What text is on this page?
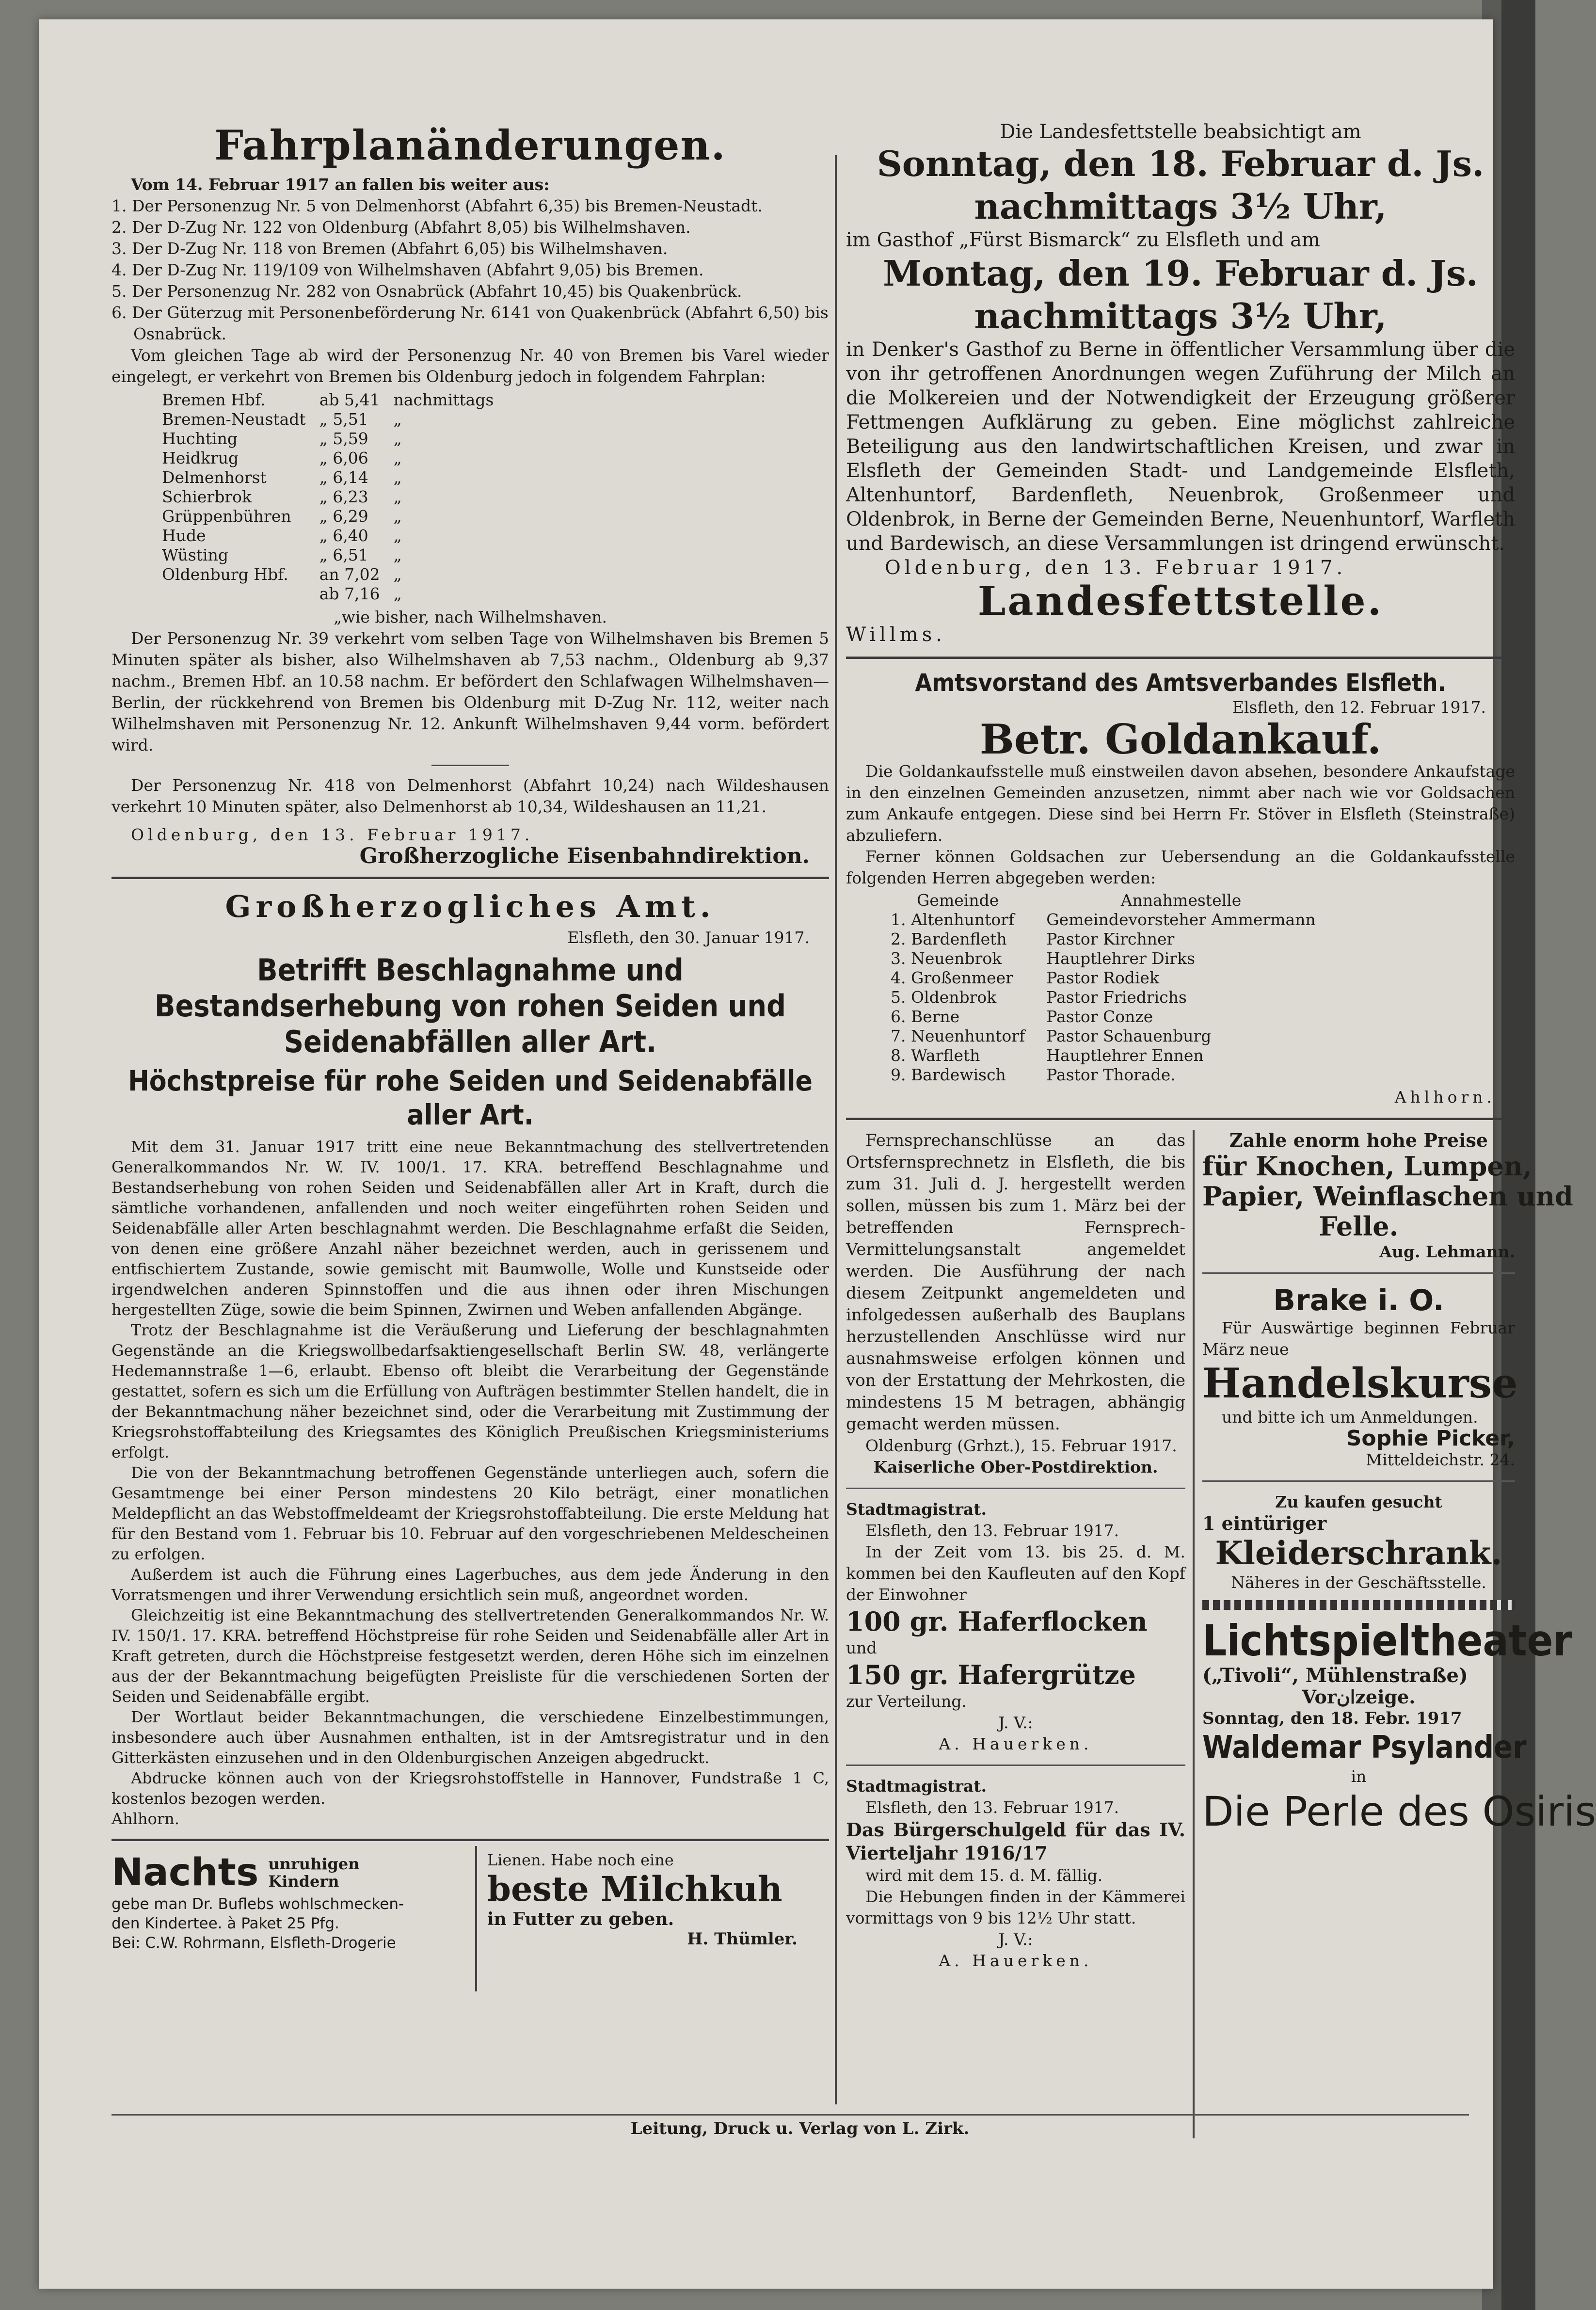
Fahrplanänderungen.

Vom 14. Februar 1917 an fallen bis weiter aus:

1. Der Personenzug Nr. 5 von Delmenhorst (Abfahrt 6,35) bis Bremen-Neustadt.
2. Der D-Zug Nr. 122 von Oldenburg (Abfahrt 8,05) bis Wilhelmshaven.
3. Der D-Zug Nr. 118 von Bremen (Abfahrt 6,05) bis Wilhelmshaven.
4. Der D-Zug Nr. 119/109 von Wilhelmshaven (Abfahrt 9,05) bis Bremen.
5. Der Personenzug Nr. 282 von Osnabrück (Abfahrt 10,45) bis Quakenbrück.
6. Der Güterzug mit Personenbeförderung Nr. 6141 von Quakenbrück (Abfahrt 6,50) bis Osnabrück.

Vom gleichen Tage ab wird der Personenzug Nr. 40 von Bremen bis Varel wieder eingelegt, er verkehrt von Bremen bis Oldenburg jedoch in folgendem Fahrplan:

Bremen Hbf.	ab 5,41	nachmittags
Bremen-Neustadt	„ 5,51	„
Huchting	„ 5,59	„
Heidkrug	„ 6,06	„
Delmenhorst	„ 6,14	„
Schierbrok	„ 6,23	„
Grüppenbühren	„ 6,29	„
Hude	„ 6,40	„
Wüsting	„ 6,51	„
Oldenburg Hbf.	an 7,02	„
	ab 7,16	„

„wie bisher, nach Wilhelmshaven.

Der Personenzug Nr. 39 verkehrt vom selben Tage von Wilhelmshaven bis Bremen 5 Minuten später als bisher, also Wilhelmshaven ab 7,53 nachm., Oldenburg ab 9,37 nachm., Bremen Hbf. an 10.58 nachm. Er befördert den Schlafwagen Wilhelmshaven—Berlin, der rückkehrend von Bremen bis Oldenburg mit D-Zug Nr. 112, weiter nach Wilhelmshaven mit Personenzug Nr. 12. Ankunft Wilhelmshaven 9,44 vorm. befördert wird.

Der Personenzug Nr. 418 von Delmenhorst (Abfahrt 10,24) nach Wildeshausen verkehrt 10 Minuten später, also Delmenhorst ab 10,34, Wildeshausen an 11,21.

Oldenburg, den 13. Februar 1917.

Großherzogliche Eisenbahndirektion.

Großherzogliches Amt.

Elsfleth, den 30. Januar 1917.

Betrifft Beschlagnahme und Bestandserhebung von rohen Seiden und Seidenabfällen aller Art.

Höchstpreise für rohe Seiden und Seidenabfälle aller Art.

Mit dem 31. Januar 1917 tritt eine neue Bekanntmachung des stellvertretenden Generalkommandos Nr. W. IV. 100/1. 17. KRA. betreffend Beschlagnahme und Bestandserhebung von rohen Seiden und Seidenabfällen aller Art in Kraft, durch die sämtliche vorhandenen, anfallenden und noch weiter eingeführten rohen Seiden und Seidenabfälle aller Arten beschlagnahmt werden. Die Beschlagnahme erfaßt die Seiden, von denen eine größere Anzahl näher bezeichnet werden, auch in gerissenem und entfischiertem Zustande, sowie gemischt mit Baumwolle, Wolle und Kunstseide oder irgendwelchen anderen Spinnstoffen und die aus ihnen oder ihren Mischungen hergestellten Züge, sowie die beim Spinnen, Zwirnen und Weben anfallenden Abgänge.

Trotz der Beschlagnahme ist die Veräußerung und Lieferung der beschlagnahmten Gegenstände an die Kriegswollbedarfsaktiengesellschaft Berlin SW. 48, verlängerte Hedemannstraße 1—6, erlaubt. Ebenso oft bleibt die Verarbeitung der Gegenstände gestattet, sofern es sich um die Erfüllung von Aufträgen bestimmter Stellen handelt, die in der Bekanntmachung näher bezeichnet sind, oder die Verarbeitung mit Zustimmung der Kriegsrohstoffabteilung des Kriegsamtes des Königlich Preußischen Kriegsministeriums erfolgt.

Die von der Bekanntmachung betroffenen Gegenstände unterliegen auch, sofern die Gesamtmenge bei einer Person mindestens 20 Kilo beträgt, einer monatlichen Meldepflicht an das Webstoffmeldeamt der Kriegsrohstoffabteilung. Die erste Meldung hat für den Bestand vom 1. Februar bis 10. Februar auf den vorgeschriebenen Meldescheinen zu erfolgen.

Außerdem ist auch die Führung eines Lagerbuches, aus dem jede Änderung in den Vorratsmengen und ihrer Verwendung ersichtlich sein muß, angeordnet worden.

Gleichzeitig ist eine Bekanntmachung des stellvertretenden Generalkommandos Nr. W. IV. 150/1. 17. KRA. betreffend Höchstpreise für rohe Seiden und Seidenabfälle aller Art in Kraft getreten, durch die Höchstpreise festgesetzt werden, deren Höhe sich im einzelnen aus der der Bekanntmachung beigefügten Preisliste für die verschiedenen Sorten der Seiden und Seidenabfälle ergibt.

Der Wortlaut beider Bekanntmachungen, die verschiedene Einzelbestimmungen, insbesondere auch über Ausnahmen enthalten, ist in der Amtsregistratur und in den Gitterkästen einzusehen und in den Oldenburgischen Anzeigen abgedruckt.

Abdrucke können auch von der Kriegsrohstoffstelle in Hannover, Fundstraße 1 C, kostenlos bezogen werden.

Ahlhorn.

Nachts unruhigen
Kindern
gebe man Dr. Buflebs wohlschmecken-
den Kindertee. à Paket 25 Pfg.
Bei: C.W. Rohrmann, Elsfleth-Drogerie
Lienen. Habe noch eine
beste Milchkuh
in Futter zu geben.
H. Thümler.

Die Landesfettstelle beabsichtigt am

Sonntag, den 18. Februar d. Js.

nachmittags 3½ Uhr,

im Gasthof „Fürst Bismarck“ zu Elsfleth und am

Montag, den 19. Februar d. Js.

nachmittags 3½ Uhr,

in Denker's Gasthof zu Berne in öffentlicher Versammlung über die von ihr getroffenen Anordnungen wegen Zuführung der Milch an die Molkereien und der Notwendigkeit der Erzeugung größerer Fettmengen Aufklärung zu geben. Eine möglichst zahlreiche Beteiligung aus den landwirtschaftlichen Kreisen, und zwar in Elsfleth der Gemeinden Stadt- und Landgemeinde Elsfleth, Altenhuntorf, Bardenfleth, Neuenbrok, Großenmeer und Oldenbrok, in Berne der Gemeinden Berne, Neuenhuntorf, Warfleth und Bardewisch, an diese Versammlungen ist dringend erwünscht.

Oldenburg, den 13. Februar 1917.

Landesfettstelle.

Willms.

Amtsvorstand des Amtsverbandes Elsfleth.

Elsfleth, den 12. Februar 1917.

Betr. Goldankauf.

Die Goldankaufsstelle muß einstweilen davon absehen, besondere Ankaufstage in den einzelnen Gemeinden anzusetzen, nimmt aber nach wie vor Goldsachen zum Ankaufe entgegen. Diese sind bei Herrn Fr. Stöver in Elsfleth (Steinstraße) abzuliefern.

Ferner können Goldsachen zur Uebersendung an die Goldankaufsstelle folgenden Herren abgegeben werden:

Gemeinde	Annahmestelle
1. Altenhuntorf	Gemeindevorsteher Ammermann
2. Bardenfleth	Pastor Kirchner
3. Neuenbrok	Hauptlehrer Dirks
4. Großenmeer	Pastor Rodiek
5. Oldenbrok	Pastor Friedrichs
6. Berne	Pastor Conze
7. Neuenhuntorf	Pastor Schauenburg
8. Warfleth	Hauptlehrer Ennen
9. Bardewisch	Pastor Thorade.

Ahlhorn.

Fernsprechanschlüsse an das Ortsfernsprechnetz in Elsfleth, die bis zum 31. Juli d. J. hergestellt werden sollen, müssen bis zum 1. März bei der betreffenden Fernsprech-Vermittelungsanstalt angemeldet werden. Die Ausführung der nach diesem Zeitpunkt angemeldeten und infolgedessen außerhalb des Bauplans herzustellenden Anschlüsse wird nur ausnahmsweise erfolgen können und von der Erstattung der Mehrkosten, die mindestens 15 M betragen, abhängig gemacht werden müssen.

Oldenburg (Grhzt.), 15. Februar 1917.

Kaiserliche Ober-Postdirektion.

Stadtmagistrat.

Elsfleth, den 13. Februar 1917.

In der Zeit vom 13. bis 25. d. M. kommen bei den Kaufleuten auf den Kopf der Einwohner

100 gr. Haferflocken

und

150 gr. Hafergrütze

zur Verteilung.

J. V.:

A. Hauerken.

Stadtmagistrat.

Elsfleth, den 13. Februar 1917.

Das Bürgerschulgeld für das IV. Vierteljahr 1916/17

wird mit dem 15. d. M. fällig.

Die Hebungen finden in der Kämmerei vormittags von 9 bis 12½ Uhr statt.

J. V.:

A. Hauerken.

Zahle enorm hohe Preise

für Knochen, Lumpen,

Papier, Weinflaschen und

Felle.

Aug. Lehmann.

Brake i. O.

Für Auswärtige beginnen Februar März neue

Handelskurse

und bitte ich um Anmeldungen.

Sophie Picker,

Mitteldeichstr. 24.

Zu kaufen gesucht

1 eintüriger

Kleiderschrank.

Näheres in der Geschäftsstelle.

Lichtspieltheater

(„Tivoli“, Mühlenstraße)

Vorانzeige.

Sonntag, den 18. Febr. 1917

Waldemar Psylander

in

Die Perle des Osiris

Leitung, Druck u. Verlag von L. Zirk.
